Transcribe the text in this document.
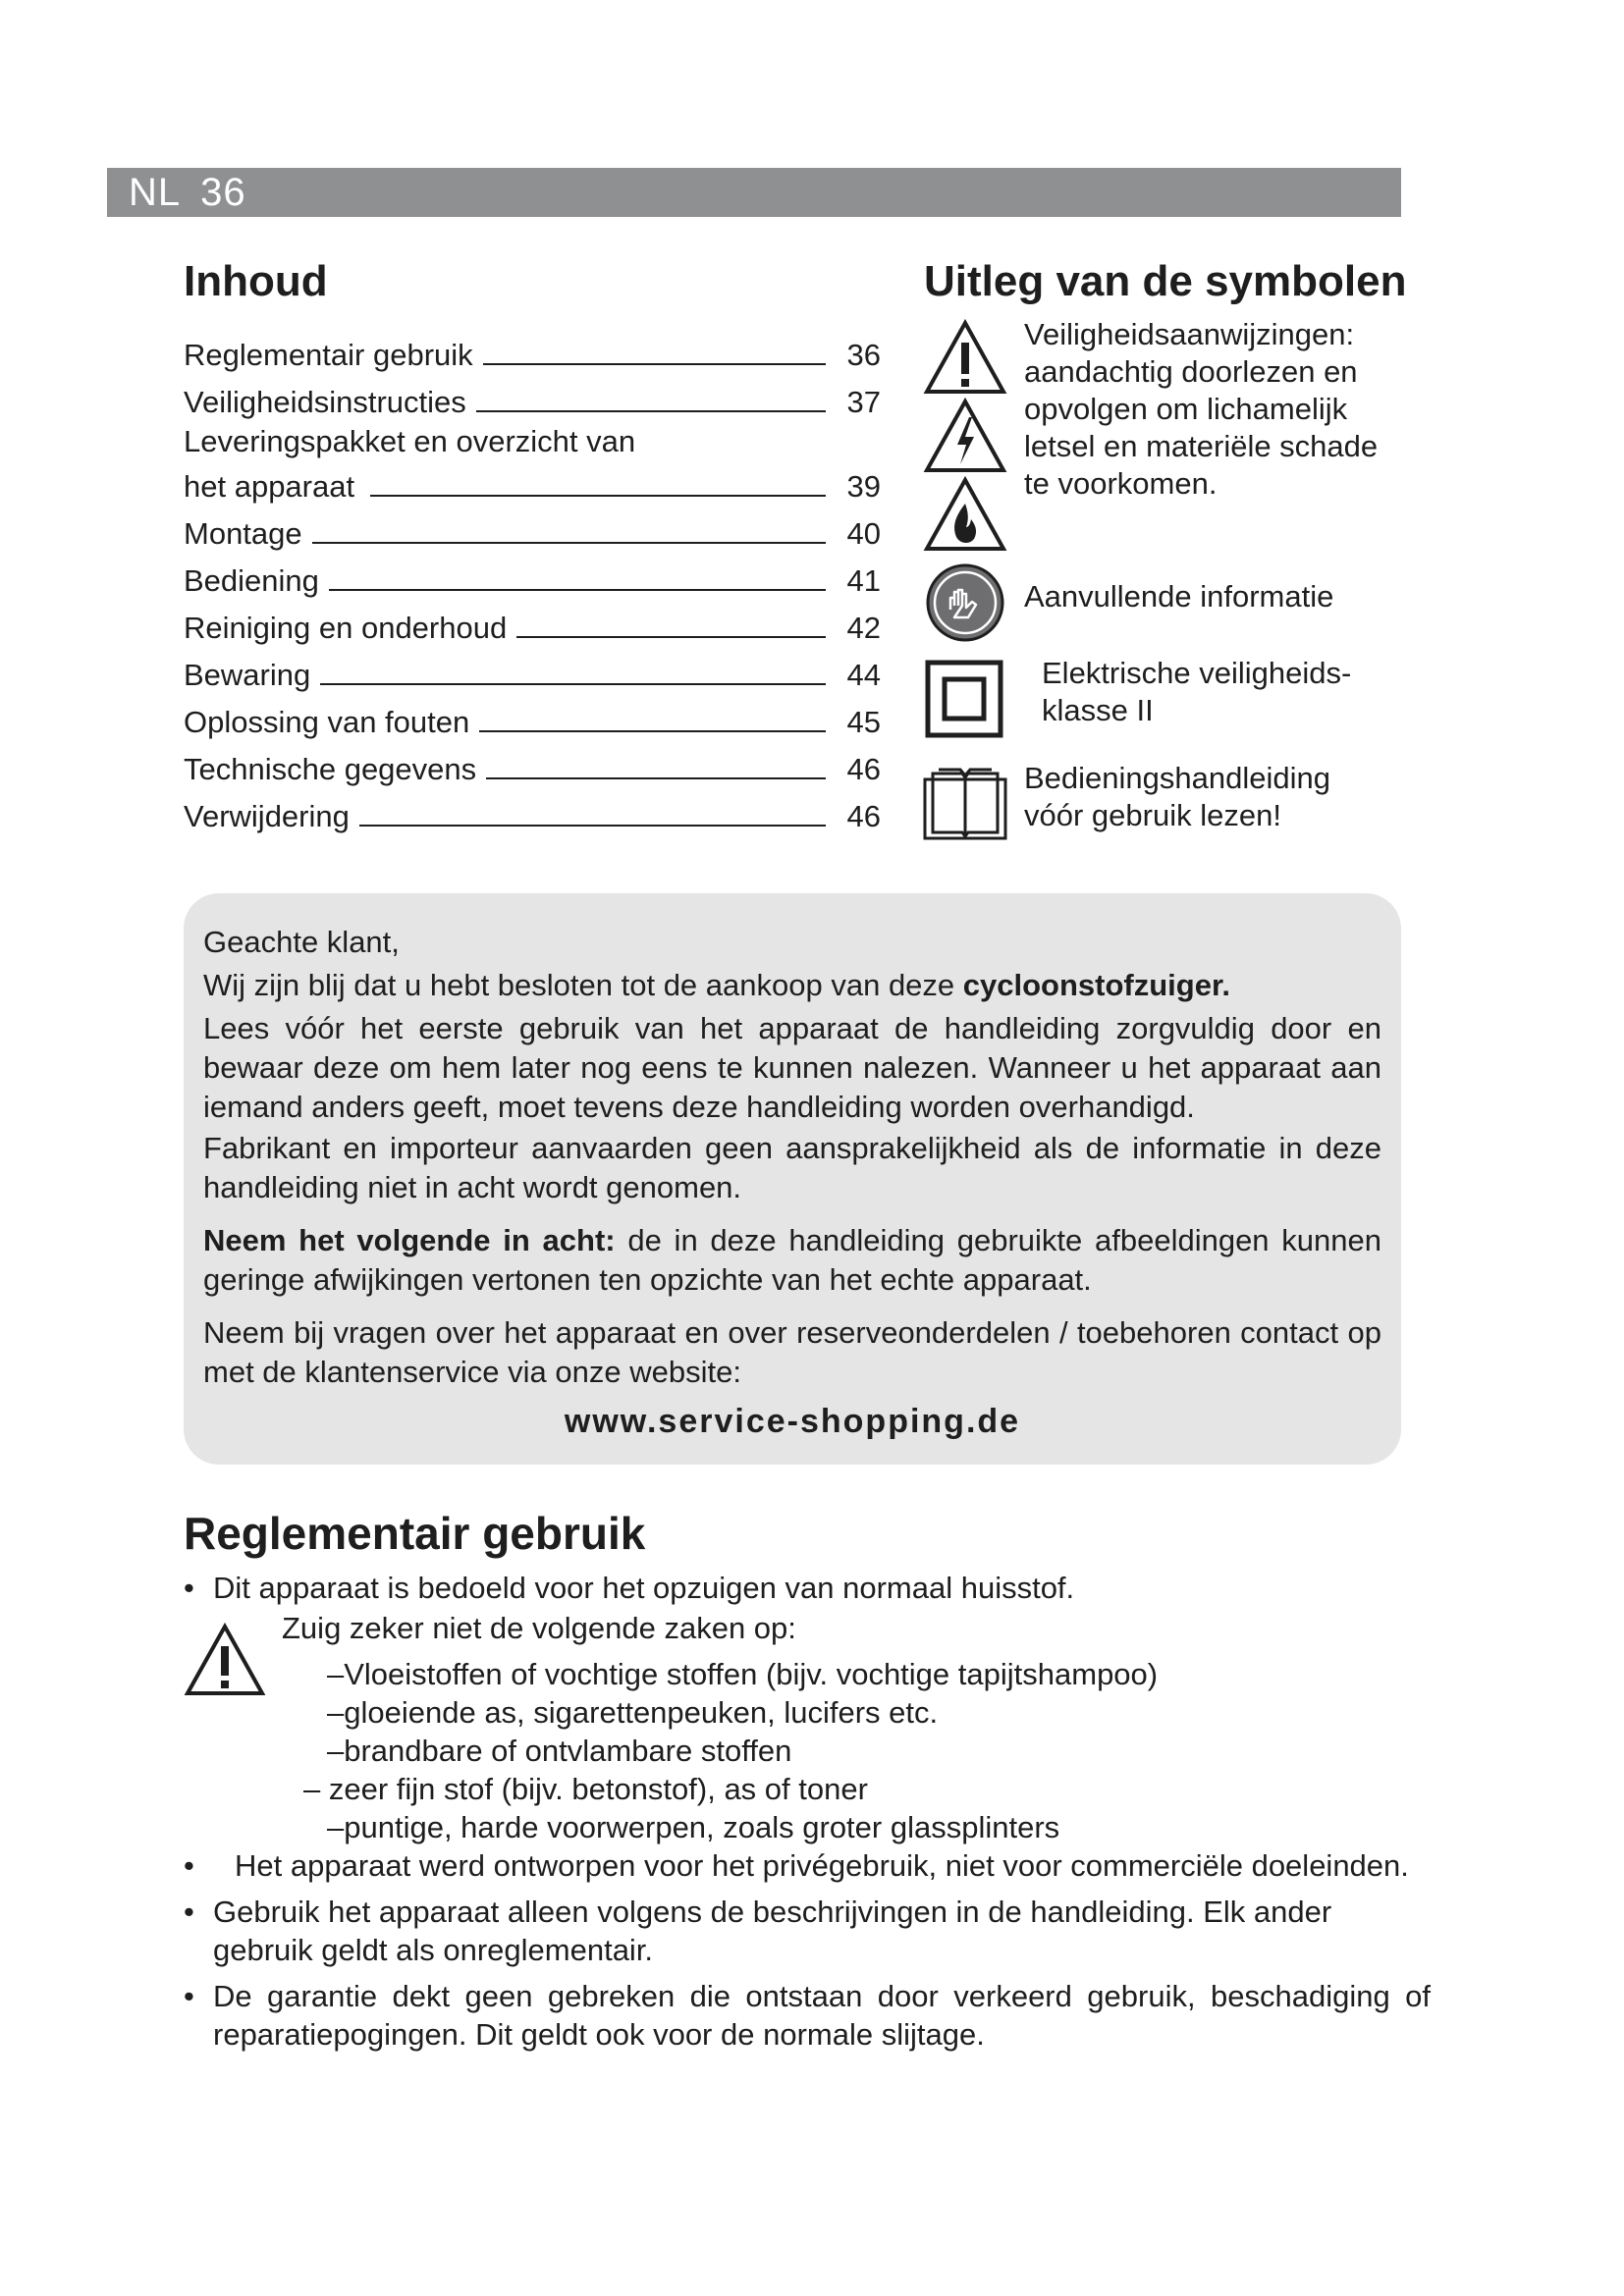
NL 36
Inhoud
Reglementair gebruik	36
Veiligheidsinstructies	37
Leveringspakket en overzicht van
het apparaat	39
Montage	40
Bediening	41
Reiniging en onderhoud	42
Bewaring	44
Oplossing van fouten	45
Technische gegevens	46
Verwijdering	46
Uitleg van de symbolen
Veiligheidsaanwijzingen:
aandachtig doorlezen en
opvolgen om lichamelijk
letsel en materiële schade
te voorkomen.
Aanvullende informatie
Elektrische veiligheids-
klasse II
Bedieningshandleiding
vóór gebruik lezen!

Geachte klant,

Wij zijn blij dat u hebt besloten tot de aankoop van deze cycloonstofzuiger.

Lees vóór het eerste gebruik van het apparaat de handleiding zorgvuldig door en bewaar deze om hem later nog eens te kunnen nalezen. Wanneer u het apparaat aan iemand anders geeft, moet tevens deze handleiding worden overhandigd.

Fabrikant en importeur aanvaarden geen aansprakelijkheid als de informatie in deze handleiding niet in acht wordt genomen.

Neem het volgende in acht: de in deze handleiding gebruikte afbeeldingen kunnen geringe afwijkingen vertonen ten opzichte van het echte apparaat.

Neem bij vragen over het apparaat en over reserveonderdelen / toebehoren contact op met de klantenservice via onze website:

www.service-shopping.de

Reglementair gebruik
• Dit apparaat is bedoeld voor het opzuigen van normaal huisstof.
Zuig zeker niet de volgende zaken op:
–Vloeistoffen of vochtige stoffen (bijv. vochtige tapijtshampoo)
–gloeiende as, sigarettenpeuken, lucifers etc.
–brandbare of ontvlambare stoffen
– zeer fijn stof (bijv. betonstof), as of toner
–puntige, harde voorwerpen, zoals groter glassplinters
•	Het apparaat werd ontworpen voor het privégebruik, niet voor commerciële doeleinden.
• Gebruik het apparaat alleen volgens de beschrijvingen in de handleiding. Elk ander gebruik geldt als onreglementair.
• De garantie dekt geen gebreken die ontstaan door verkeerd gebruik, beschadiging of reparatiepogingen. Dit geldt ook voor de normale slijtage.
